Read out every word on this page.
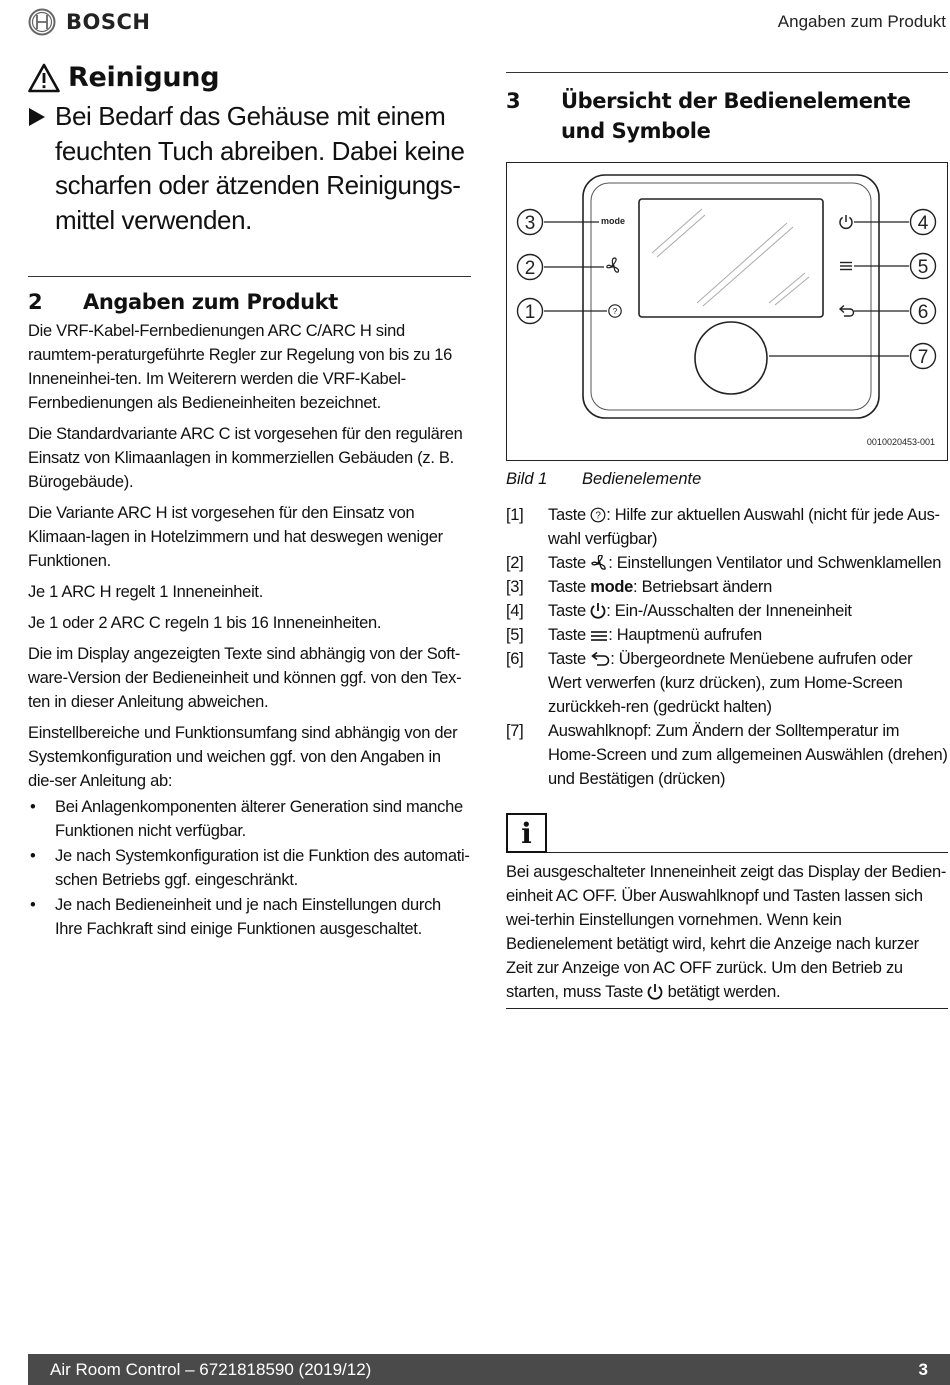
BOSCH	Angaben zum Produkt
Reinigung
Bei Bedarf das Gehäuse mit einem feuchten Tuch abreiben. Dabei keine scharfen oder ätzenden Reinigungs-mittel verwenden.
2	Angaben zum Produkt

Die VRF-Kabel-Fernbedienungen ARC C/ARC H sind raumtem-peraturgeführte Regler zur Regelung von bis zu 16 Inneneinhei-ten. Im Weiterern werden die VRF-Kabel-Fernbedienungen als Bedieneinheiten bezeichnet.

Die Standardvariante ARC C ist vorgesehen für den regulären Einsatz von Klimaanlagen in kommerziellen Gebäuden (z. B. Bürogebäude).

Die Variante ARC H ist vorgesehen für den Einsatz von Klimaan-lagen in Hotelzimmern und hat deswegen weniger Funktionen.

Je 1 ARC H regelt 1 Inneneinheit.

Je 1 oder 2 ARC C regeln 1 bis 16 Inneneinheiten.

Die im Display angezeigten Texte sind abhängig von der Soft-ware-Version der Bedieneinheit und können ggf. von den Tex-ten in dieser Anleitung abweichen.

Einstellbereiche und Funktionsumfang sind abhängig von der Systemkonfiguration und weichen ggf. von den Angaben in die-ser Anleitung ab:

•	Bei Anlagenkomponenten älterer Generation sind manche Funktionen nicht verfügbar.
•	Je nach Systemkonfiguration ist die Funktion des automati-schen Betriebs ggf. eingeschränkt.
•	Je nach Bedieneinheit und je nach Einstellungen durch Ihre Fachkraft sind einige Funktionen ausgeschaltet.
3	Übersicht der Bedienelemente und Symbole
mode
?
3
2
1
4
5
6
7
0010020453-001
Bild 1	Bedienelemente
[1]	Taste ? : Hilfe zur aktuellen Auswahl (nicht für jede Aus-wahl verfügbar)
[2]	Taste : Einstellungen Ventilator und Schwenklamellen
[3]	Taste mode: Betriebsart ändern
[4]	Taste : Ein-/Ausschalten der Inneneinheit
[5]	Taste : Hauptmenü aufrufen
[6]	Taste : Übergeordnete Menüebene aufrufen oder Wert verwerfen (kurz drücken), zum Home-Screen zurückkeh-ren (gedrückt halten)
[7]	Auswahlknopf: Zum Ändern der Solltemperatur im Home-Screen und zum allgemeinen Auswählen (drehen) und Bestätigen (drücken)
i
Bei ausgeschalteter Inneneinheit zeigt das Display der Bedien-einheit AC OFF. Über Auswahlknopf und Tasten lassen sich wei-terhin Einstellungen vornehmen. Wenn kein Bedienelement betätigt wird, kehrt die Anzeige nach kurzer Zeit zur Anzeige von AC OFF zurück. Um den Betrieb zu starten, muss Taste betätigt werden.
Air Room Control – 6721818590 (2019/12)	3
